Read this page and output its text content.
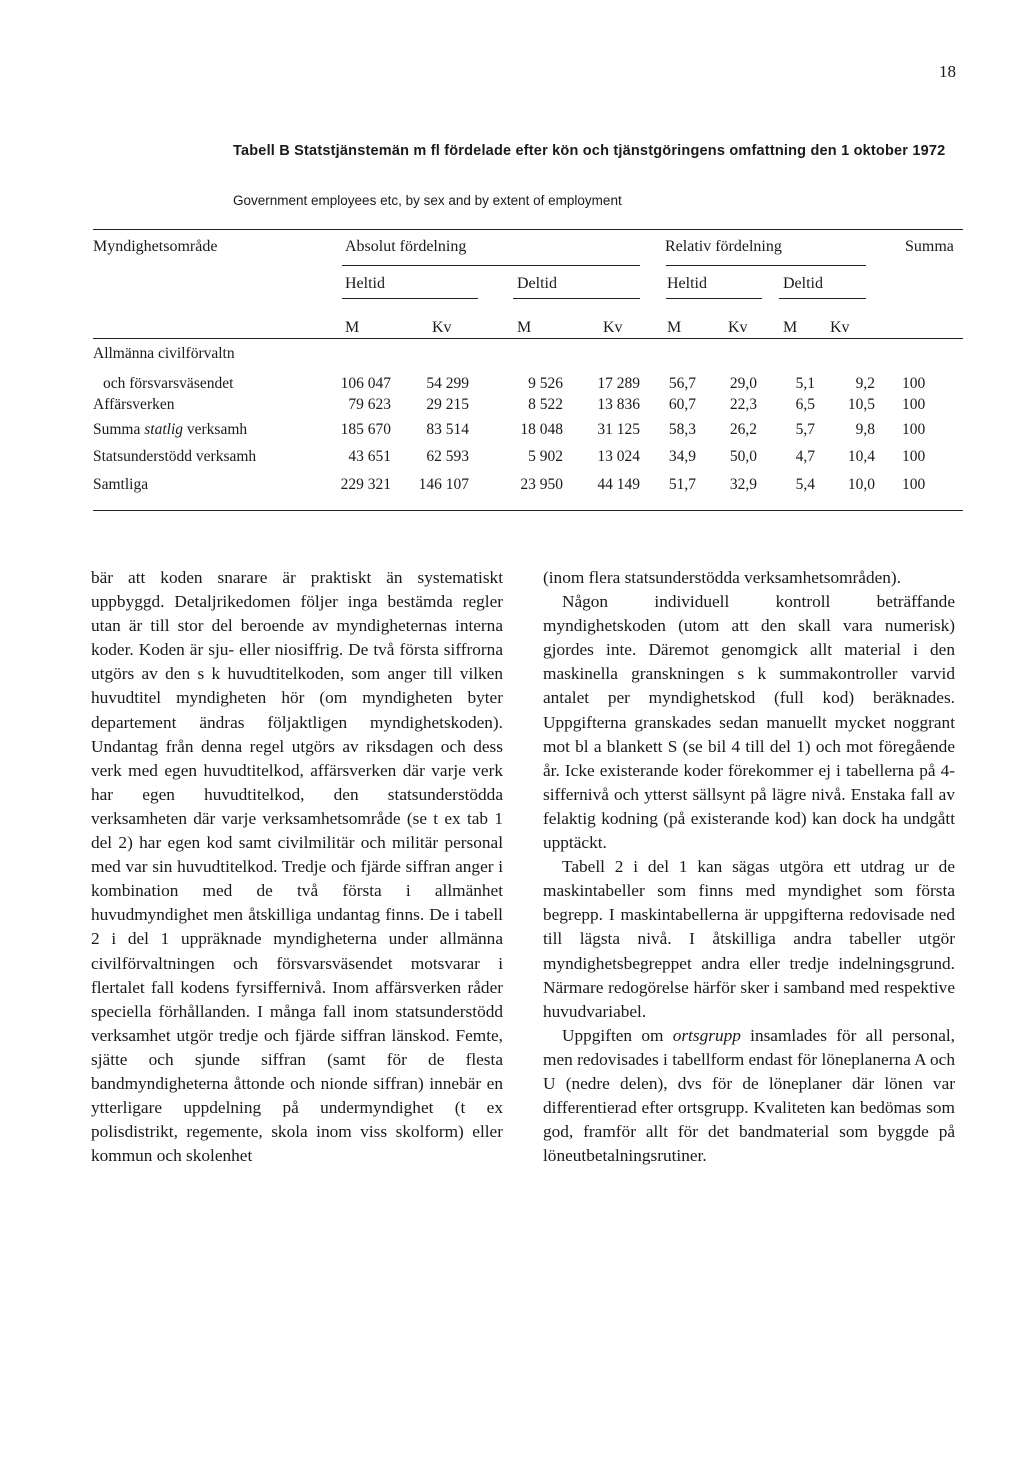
18
Tabell B Statstjänstemän m fl fördelade efter kön och tjänstgöringens omfattning den 1 oktober 1972
Government employees etc, by sex and by extent of employment
Myndighetsområde	Absolut fördelning	Relativ fördelning	Summa
Heltid	Deltid	Heltid	Deltid
M	Kv	M	Kv	M	Kv M Kv
Allmänna civilförvaltn
och försvarsväsendet	106 047	54 299	9 526	17 289	56,7	29,0	5,1	9,2 100
Affärsverken	79 623	29 215	8 522	13 836	60,7	22,3	6,5	10,5 100
Summa statlig verksamh	185 670	83 514	18 048	31 125	58,3	26,2	5,7	9,8 100
Statsunderstödd verksamh	43 651	62 593	5 902	13 024	34,9	50,0	4,7	10,4 100
Samtliga	229 321	146 107	23 950	44 149	51,7	32,9	5,4	10,0 100

bär att koden snarare är praktiskt än systematiskt uppbyggd. Detaljrikedomen följer inga bestämda regler utan är till stor del beroende av myndigheternas interna koder. Koden är sju- eller niosiffrig. De två första siffrorna utgörs av den s k huvudtitelkoden, som anger till vilken huvudtitel myndigheten hör (om myndigheten byter departement ändras följaktligen myndighetskoden). Undantag från denna regel utgörs av riksdagen och dess verk med egen huvudtitelkod, affärsverken där varje verk har egen huvudtitelkod, den statsunderstödda verksamheten där varje verksamhetsområde (se t ex tab 1 del 2) har egen kod samt civilmilitär och militär personal med var sin huvudtitelkod. Tredje och fjärde siffran anger i kombination med de två första i allmänhet huvudmyndighet men åtskilliga undantag finns. De i tabell 2 i del 1 uppräknade myndigheterna under allmänna civilförvaltningen och försvarsväsendet motsvarar i flertalet fall kodens fyrsiffernivå. Inom affärsverken råder speciella förhållanden. I många fall inom statsunderstödd verksamhet utgör tredje och fjärde siffran länskod. Femte, sjätte och sjunde siffran (samt för de flesta bandmyndigheterna åttonde och nionde siffran) innebär en ytterligare uppdelning på undermyndighet (t ex polisdistrikt, regemente, skola inom viss skolform) eller kommun och skolenhet

(inom flera statsunderstödda verksamhetsområden).

Någon individuell kontroll beträffande myndighetskoden (utom att den skall vara numerisk) gjordes inte. Däremot genomgick allt material i den maskinella granskningen s k summakontroller varvid antalet per myndighetskod (full kod) beräknades. Uppgifterna granskades sedan manuellt mycket noggrant mot bl a blankett S (se bil 4 till del 1) och mot föregående år. Icke existerande koder förekommer ej i tabellerna på 4-siffernivå och ytterst sällsynt på lägre nivå. Enstaka fall av felaktig kodning (på existerande kod) kan dock ha undgått upptäckt.

Tabell 2 i del 1 kan sägas utgöra ett utdrag ur de maskintabeller som finns med myndighet som första begrepp. I maskintabellerna är uppgifterna redovisade ned till lägsta nivå. I åtskilliga andra tabeller utgör myndighetsbegreppet andra eller tredje indelningsgrund. Närmare redogörelse härför sker i samband med respektive huvudvariabel.

Uppgiften om ortsgrupp insamlades för all personal, men redovisades i tabellform endast för löneplanerna A och U (nedre delen), dvs för de löneplaner där lönen var differentierad efter ortsgrupp. Kvaliteten kan bedömas som god, framför allt för det bandmaterial som byggde på löneutbetalningsrutiner.
